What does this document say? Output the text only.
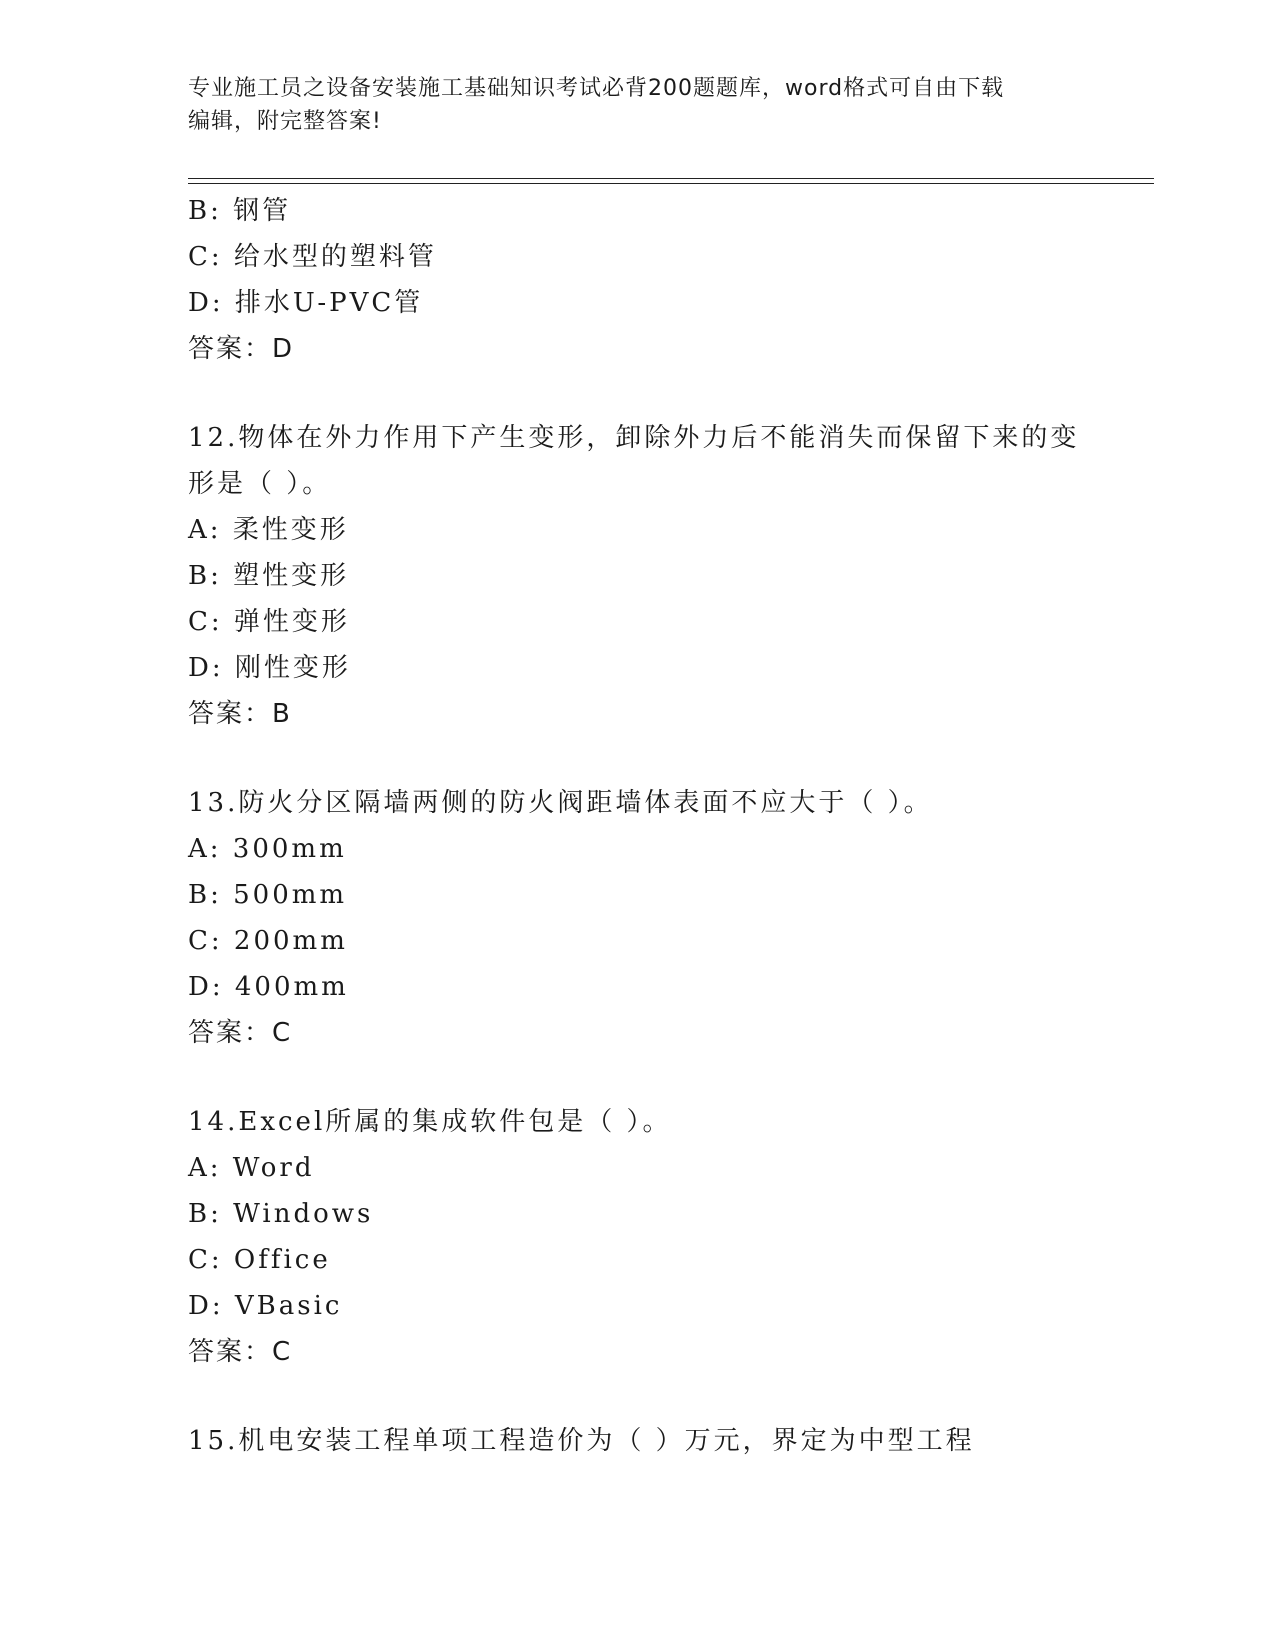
专业施工员之设备安装施工基础知识考试必背200题题库，word格式可自由下载
编辑，附完整答案!
B: 钢管
C: 给水型的塑料管
D: 排水U-PVC管
答案：D
12.物体在外力作用下产生变形，卸除外力后不能消失而保留下来的变
形是（ ）。
A: 柔性变形
B: 塑性变形
C: 弹性变形
D: 刚性变形
答案：B
13.防火分区隔墙两侧的防火阀距墙体表面不应大于（ ）。
A: 300mm
B: 500mm
C: 200mm
D: 400mm
答案：C
14.Excel所属的集成软件包是（ ）。
A: Word
B: Windows
C: Office
D: VBasic
答案：C
15.机电安装工程单项工程造价为（ ）万元，界定为中型工程
